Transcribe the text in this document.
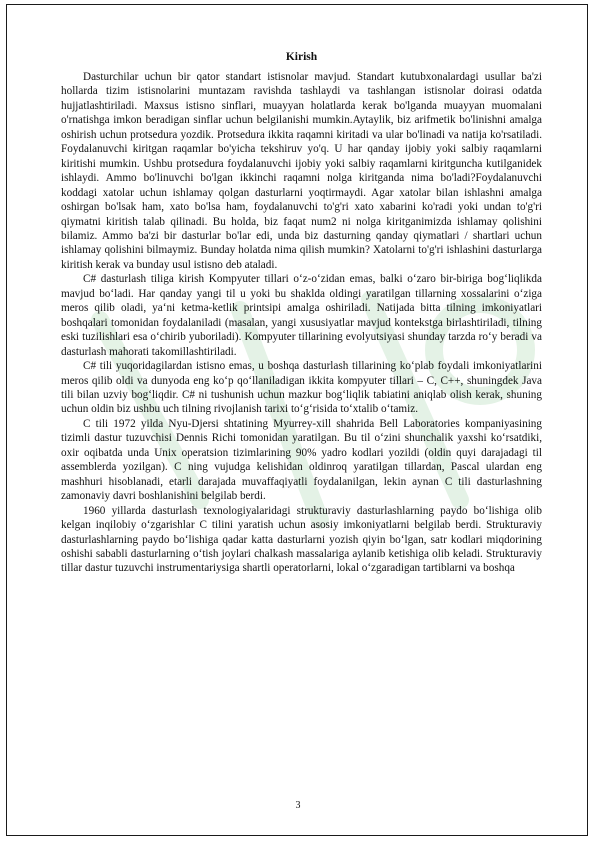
Kirish

Dasturchilar uchun bir qator standart istisnolar mavjud. Standart kutubxonalardagi usullar ba'zi hollarda tizim istisnolarini muntazam ravishda tashlaydi va tashlangan istisnolar doirasi odatda hujjatlashtiriladi. Maxsus istisno sinflari, muayyan holatlarda kerak bo'lganda muayyan muomalani o'rnatishga imkon beradigan sinflar uchun belgilanishi mumkin.Aytaylik, biz arifmetik bo'linishni amalga oshirish uchun protsedura yozdik. Protsedura ikkita raqamni kiritadi va ular bo'linadi va natija ko'rsatiladi. Foydalanuvchi kiritgan raqamlar bo'yicha tekshiruv yo'q. U har qanday ijobiy yoki salbiy raqamlarni kiritishi mumkin. Ushbu protsedura foydalanuvchi ijobiy yoki salbiy raqamlarni kiritguncha kutilganidek ishlaydi. Ammo bo'linuvchi bo'lgan ikkinchi raqamni nolga kiritganda nima bo'ladi?Foydalanuvchi koddagi xatolar uchun ishlamay qolgan dasturlarni yoqtirmaydi. Agar xatolar bilan ishlashni amalga oshirgan bo'lsak ham, xato bo'lsa ham, foydalanuvchi to'g'ri xato xabarini ko'radi yoki undan to'g'ri qiymatni kiritish talab qilinadi. Bu holda, biz faqat num2 ni nolga kiritganimizda ishlamay qolishini bilamiz. Ammo ba'zi bir dasturlar bo'lar edi, unda biz dasturning qanday qiymatlari / shartlari uchun ishlamay qolishini bilmaymiz. Bunday holatda nima qilish mumkin? Xatolarni to'g'ri ishlashini dasturlarga kiritish kerak va bunday usul istisno deb ataladi.

C# dasturlash tiliga kirish Kompyuter tillari o‘z-o‘zidan emas, balki o‘zaro bir-biriga bog‘liqlikda mavjud bo‘ladi. Har qanday yangi til u yoki bu shaklda oldingi yaratilgan tillarning xossalarini o‘ziga meros qilib oladi, ya‘ni ketma-ketlik printsipi amalga oshiriladi. Natijada bitta tilning imkoniyatlari boshqalari tomonidan foydalaniladi (masalan, yangi xususiyatlar mavjud kontekstga birlashtiriladi, tilning eski tuzilishlari esa o‘chirib yuboriladi). Kompyuter tillarining evolyutsiyasi shunday tarzda ro‘y beradi va dasturlash mahorati takomillashtiriladi.

C# tili yuqoridagilardan istisno emas, u boshqa dasturlash tillarining ko‘plab foydali imkoniyatlarini meros qilib oldi va dunyoda eng ko‘p qo‘llaniladigan ikkita kompyuter tillari – C, C++, shuningdek Java tili bilan uzviy bog‘liqdir. C# ni tushunish uchun mazkur bog‘liqlik tabiatini aniqlab olish kerak, shuning uchun oldin biz ushbu uch tilning rivojlanish tarixi to‘g‘risida to‘xtalib o‘tamiz.

C tili 1972 yilda Nyu-Djersi shtatining Myurrey-xill shahrida Bell Laboratories kompaniyasining tizimli dastur tuzuvchisi Dennis Richi tomonidan yaratilgan. Bu til o‘zini shunchalik yaxshi ko‘rsatdiki, oxir oqibatda unda Unix operatsion tizimlarining 90% yadro kodlari yozildi (oldin quyi darajadagi til assemblerda yozilgan). C ning vujudga kelishidan oldinroq yaratilgan tillardan, Pascal ulardan eng mashhuri hisoblanadi, etarli darajada muvaffaqiyatli foydalanilgan, lekin aynan C tili dasturlashning zamonaviy davri boshlanishini belgilab berdi.

1960 yillarda dasturlash texnologiyalaridagi strukturaviy dasturlashlarning paydo bo‘lishiga olib kelgan inqilobiy o‘zgarishlar C tilini yaratish uchun asosiy imkoniyatlarni belgilab berdi. Strukturaviy dasturlashlarning paydo bo‘lishiga qadar katta dasturlarni yozish qiyin bo‘lgan, satr kodlari miqdorining oshishi sababli dasturlarning o‘tish joylari chalkash massalariga aylanib ketishiga olib keladi. Strukturaviy tillar dastur tuzuvchi instrumentariysiga shartli operatorlarni, lokal o‘zgaradigan tartiblarni va boshqa

3
